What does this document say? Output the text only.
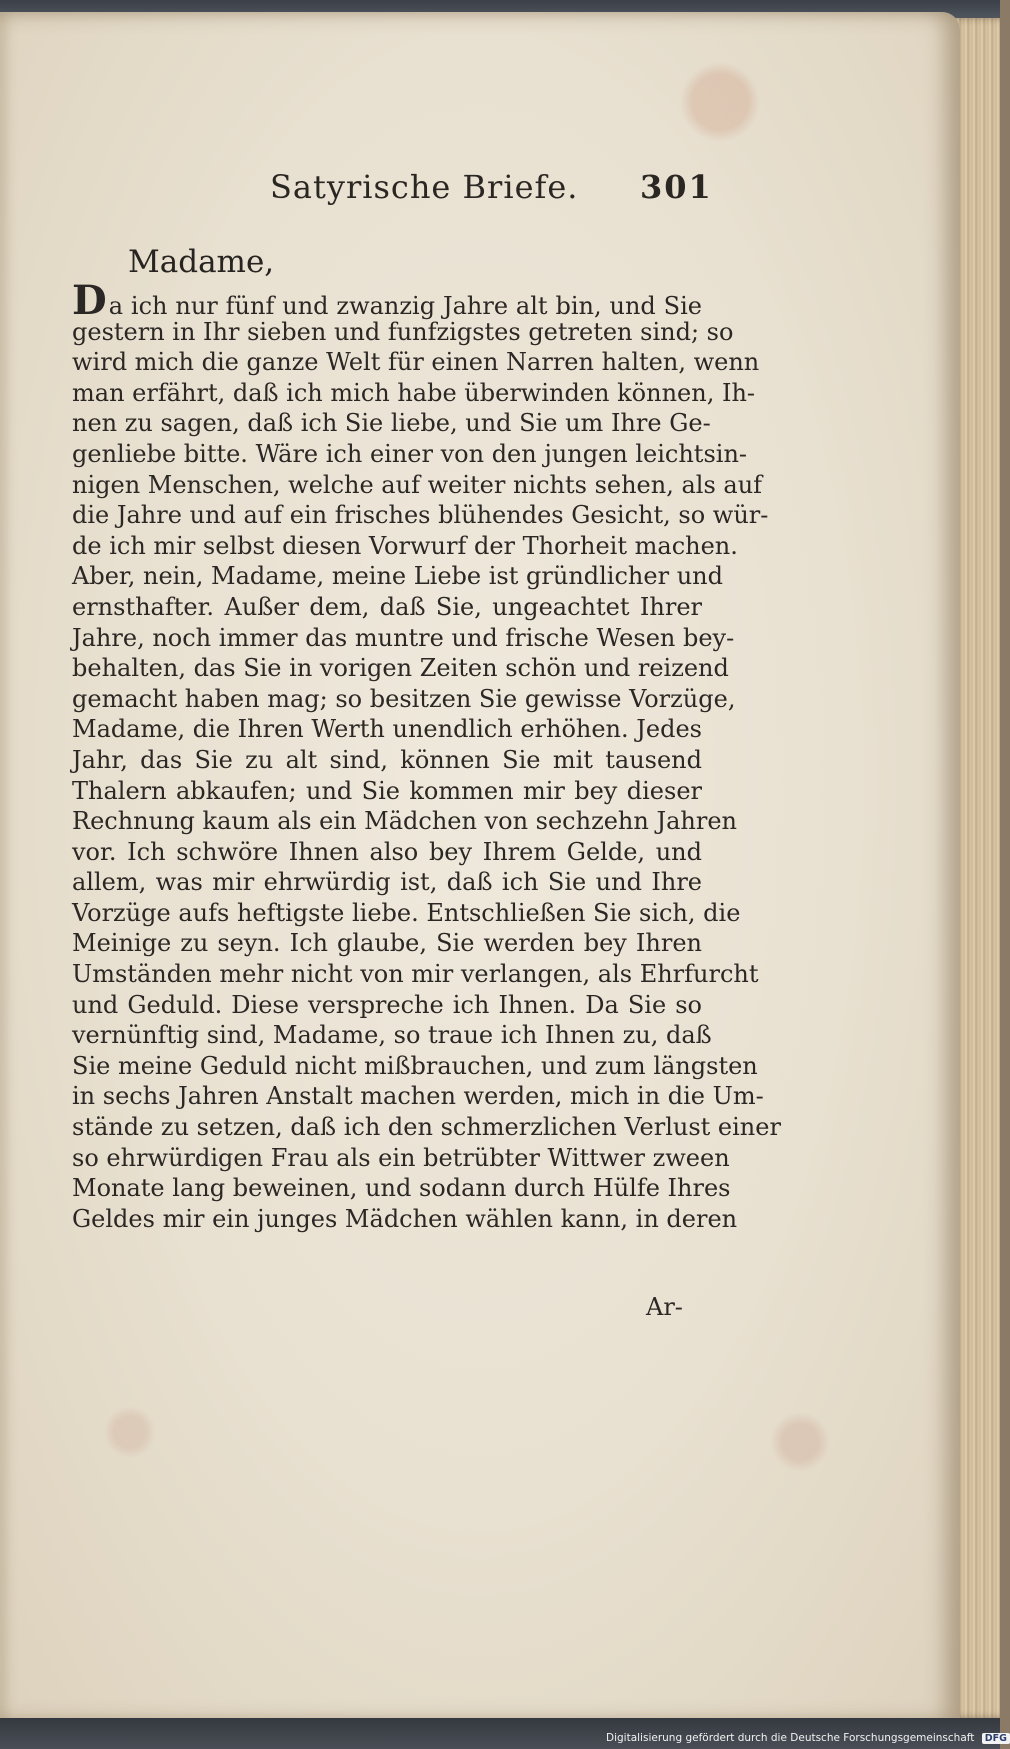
Satyrische Briefe. 301
Madame,
Da ich nur fünf und zwanzig Jahre alt bin, und Sie
gestern in Ihr sieben und funfzigstes getreten sind; so
wird mich die ganze Welt für einen Narren halten, wenn
man erfährt, daß ich mich habe überwinden können, Ih-
nen zu sagen, daß ich Sie liebe, und Sie um Ihre Ge-
genliebe bitte. Wäre ich einer von den jungen leichtsin-
nigen Menschen, welche auf weiter nichts sehen, als auf
die Jahre und auf ein frisches blühendes Gesicht, so wür-
de ich mir selbst diesen Vorwurf der Thorheit machen.
Aber, nein, Madame, meine Liebe ist gründlicher und
ernsthafter. Außer dem, daß Sie, ungeachtet Ihrer
Jahre, noch immer das muntre und frische Wesen bey-
behalten, das Sie in vorigen Zeiten schön und reizend
gemacht haben mag; so besitzen Sie gewisse Vorzüge,
Madame, die Ihren Werth unendlich erhöhen. Jedes
Jahr, das Sie zu alt sind, können Sie mit tausend
Thalern abkaufen; und Sie kommen mir bey dieser
Rechnung kaum als ein Mädchen von sechzehn Jahren
vor. Ich schwöre Ihnen also bey Ihrem Gelde, und
allem, was mir ehrwürdig ist, daß ich Sie und Ihre
Vorzüge aufs heftigste liebe. Entschließen Sie sich, die
Meinige zu seyn. Ich glaube, Sie werden bey Ihren
Umständen mehr nicht von mir verlangen, als Ehrfurcht
und Geduld. Diese verspreche ich Ihnen. Da Sie so
vernünftig sind, Madame, so traue ich Ihnen zu, daß
Sie meine Geduld nicht mißbrauchen, und zum längsten
in sechs Jahren Anstalt machen werden, mich in die Um-
stände zu setzen, daß ich den schmerzlichen Verlust einer
so ehrwürdigen Frau als ein betrübter Wittwer zween
Monate lang beweinen, und sodann durch Hülfe Ihres
Geldes mir ein junges Mädchen wählen kann, in deren
Ar-
Digitalisierung gefördert durch die Deutsche Forschungsgemeinschaft DFG
